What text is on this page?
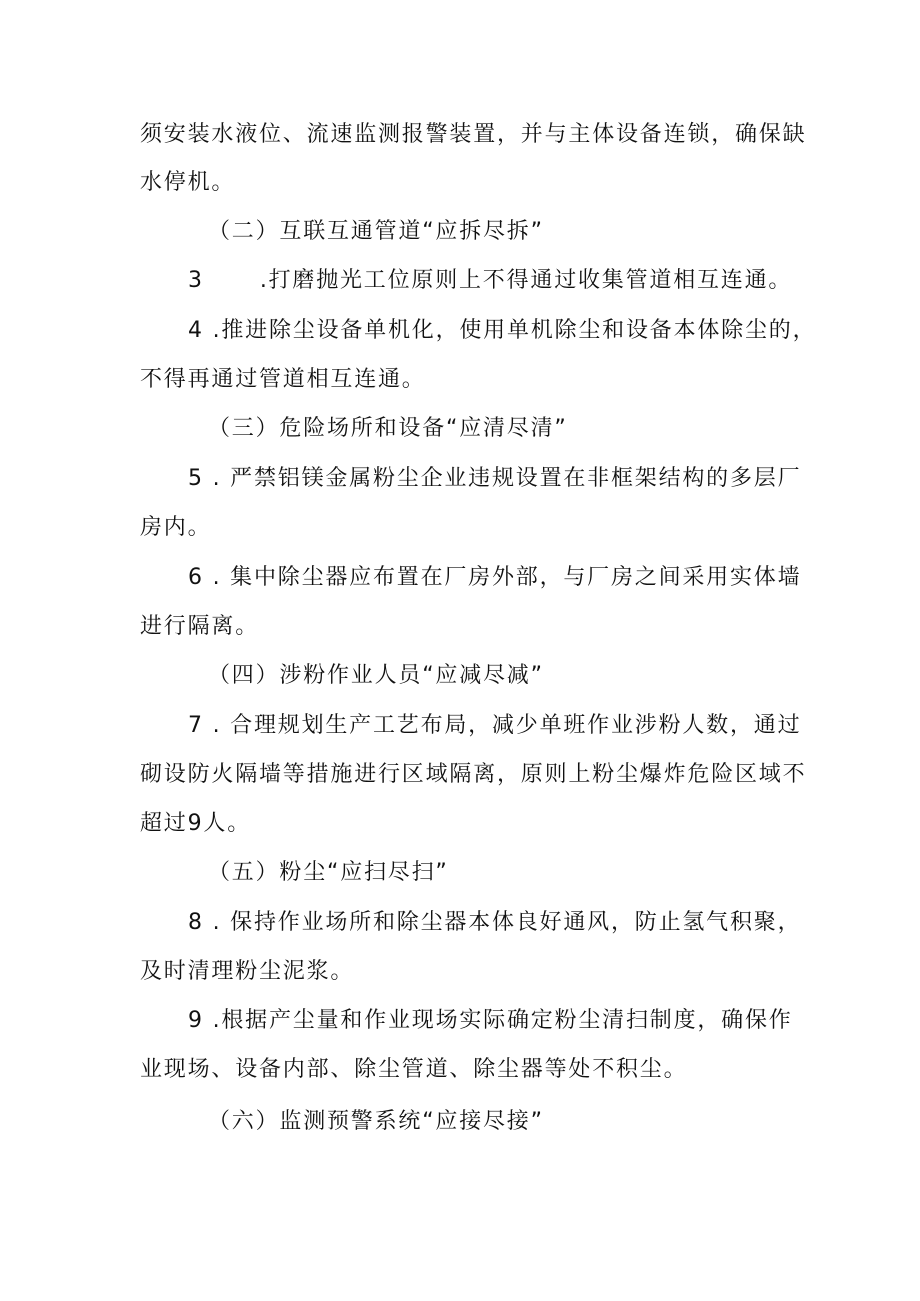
须安装水液位、流速监测报警装置，并与主体设备连锁，确保缺
水停机。
（二）互联互通管道“应拆尽拆”
3	.打磨抛光工位原则上不得通过收集管道相互连通。
4 .推进除尘设备单机化，使用单机除尘和设备本体除尘的，
不得再通过管道相互连通。
（三）危险场所和设备“应清尽清”
5 . 严禁铝镁金属粉尘企业违规设置在非框架结构的多层厂
房内。
6 . 集中除尘器应布置在厂房外部，与厂房之间采用实体墙
进行隔离。
（四）涉粉作业人员“应减尽减”
7 . 合理规划生产工艺布局，减少单班作业涉粉人数，通过
砌设防火隔墙等措施进行区域隔离，原则上粉尘爆炸危险区域不
超过9人。
（五）粉尘“应扫尽扫”
8 . 保持作业场所和除尘器本体良好通风，防止氢气积聚，
及时清理粉尘泥浆。
9 .根据产尘量和作业现场实际确定粉尘清扫制度，确保作
业现场、设备内部、除尘管道、除尘器等处不积尘。
（六）监测预警系统“应接尽接”
